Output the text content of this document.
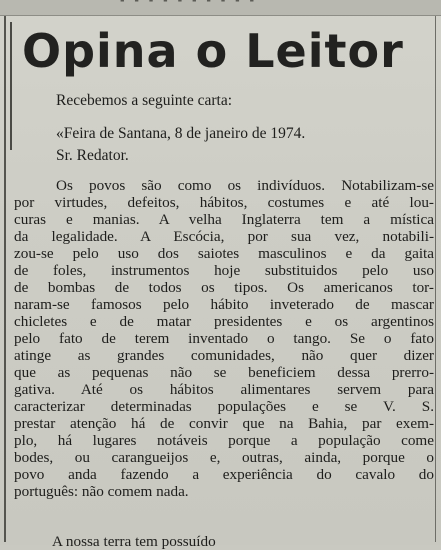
- - - - - - - - - -
Opina o Leitor

Recebemos a seguinte carta:

«Feira de Santana, 8 de janeiro de 1974.

Sr. Redator.

Os povos são como os indivíduos. Notabilizam-se
por virtudes, defeitos, hábitos, costumes e até lou-
curas e manias. A velha Inglaterra tem a mística
da legalidade. A Escócia, por sua vez, notabili-
zou-se pelo uso dos saiotes masculinos e da gaita
de foles, instrumentos hoje substituidos pelo uso
de bombas de todos os tipos. Os americanos tor-
naram-se famosos pelo hábito inveterado de mascar
chicletes e de matar presidentes e os argentinos
pelo fato de terem inventado o tango. Se o fato
atinge as grandes comunidades, não quer dizer
que as pequenas não se beneficiem dessa prerro-
gativa. Até os hábitos alimentares servem para
caracterizar determinadas populações e se V. S.
prestar atenção há de convir que na Bahia, par exem-
plo, há lugares notáveis porque a população come
bodes, ou carangueijos e, outras, ainda, porque o
povo anda fazendo a experiência do cavalo do
português: não comem nada.
A nossa terra tem possuído
